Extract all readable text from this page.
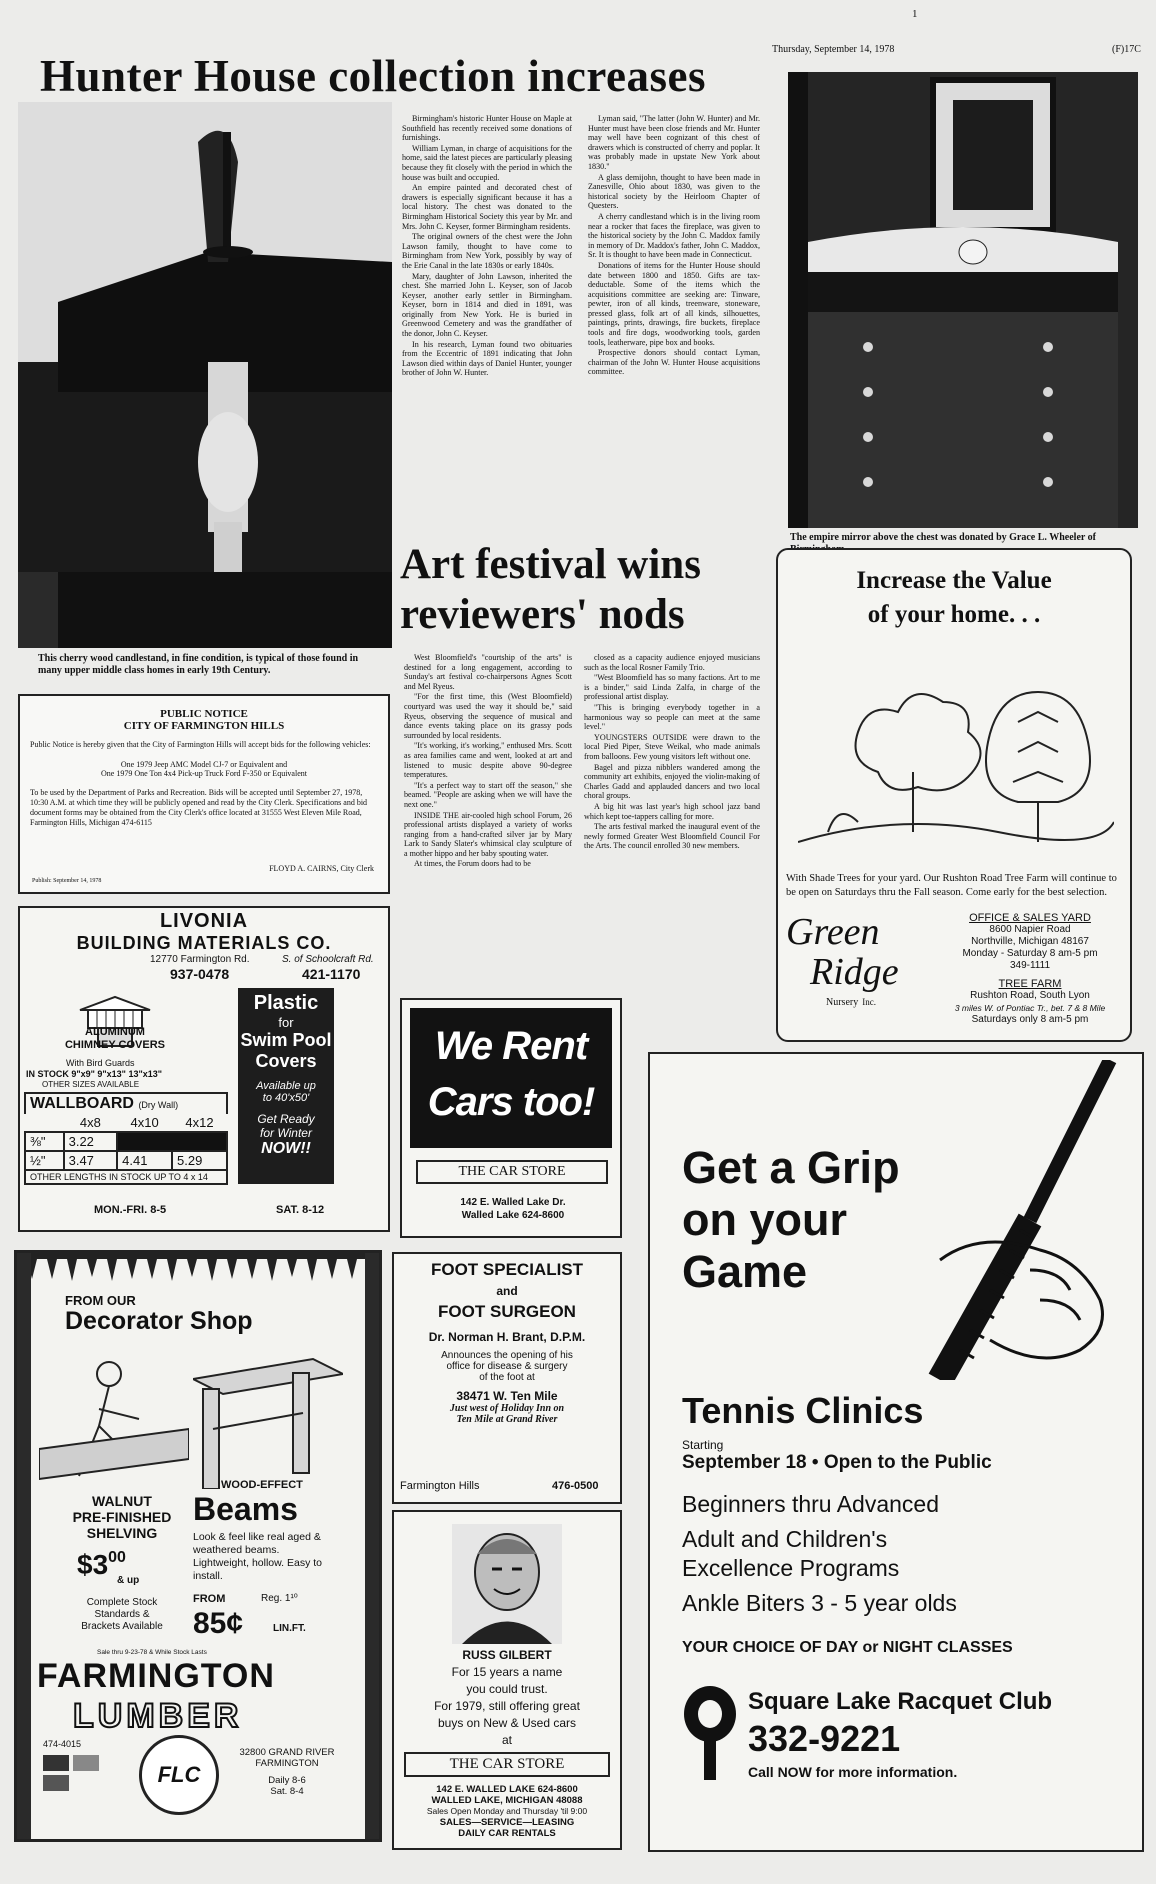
1
Thursday, September 14, 1978	(F)17C
Hunter House collection increases
This cherry wood candlestand, in fine condition, is typical of those found in many upper middle class homes in early 19th Century.

Birmingham's historic Hunter House on Maple at Southfield has recently received some donations of furnishings.

William Lyman, in charge of acquisitions for the home, said the latest pieces are particularly pleasing because they fit closely with the period in which the house was built and occupied.

An empire painted and decorated chest of drawers is especially significant because it has a local history. The chest was donated to the Birmingham Historical Society this year by Mr. and Mrs. John C. Keyser, former Birmingham residents.

The original owners of the chest were the John Lawson family, thought to have come to Birmingham from New York, possibly by way of the Erie Canal in the late 1830s or early 1840s.

Mary, daughter of John Lawson, inherited the chest. She married John L. Keyser, son of Jacob Keyser, another early settler in Birmingham. Keyser, born in 1814 and died in 1891, was originally from New York. He is buried in Greenwood Cemetery and was the grandfather of the donor, John C. Keyser.

In his research, Lyman found two obituaries from the Eccentric of 1891 indicating that John Lawson died within days of Daniel Hunter, younger brother of John W. Hunter.

Lyman said, "The latter (John W. Hunter) and Mr. Hunter must have been close friends and Mr. Hunter may well have been cognizant of this chest of drawers which is constructed of cherry and poplar. It was probably made in upstate New York about 1830."

A glass demijohn, thought to have been made in Zanesville, Ohio about 1830, was given to the historical society by the Heirloom Chapter of Questers.

A cherry candlestand which is in the living room near a rocker that faces the fireplace, was given to the historical society by the John C. Maddox family in memory of Dr. Maddox's father, John C. Maddox, Sr. It is thought to have been made in Connecticut.

Donations of items for the Hunter House should date between 1800 and 1850. Gifts are tax-deductable. Some of the items which the acquisitions committee are seeking are: Tinware, pewter, iron of all kinds, treenware, stoneware, pressed glass, folk art of all kinds, silhouettes, paintings, prints, drawings, fire buckets, fireplace tools and fire dogs, woodworking tools, garden tools, leatherware, pipe box and books.

Prospective donors should contact Lyman, chairman of the John W. Hunter House acquisitions committee.

The empire mirror above the chest was donated by Grace L. Wheeler of
PUBLIC NOTICE
CITY OF FARMINGTON HILLS
Public Notice is hereby given that the City of Farmington Hills will accept bids for the following vehicles:
One 1979 Jeep AMC Model CJ-7 or Equivalent and
One 1979 One Ton 4x4 Pick-up Truck Ford F-350 or Equivalent
To be used by the Department of Parks and Recreation. Bids will be accepted until September 27, 1978, 10:30 A.M. at which time they will be publicly opened and read by the City Clerk. Specifications and bid document forms may be obtained from the City Clerk's office located at 31555 West Eleven Mile Road, Farmington Hills, Michigan 474-6115
FLOYD A. CAIRNS, City Clerk
Publish: September 14, 1978
LIVONIA
BUILDING MATERIALS CO.
12770 Farmington Rd.	S. of Schoolcraft Rd.
937-0478	421-1170
ALUMINUM
CHIMNEY COVERS
With Bird Guards
IN STOCK 9"x9" 9"x13" 13"x13"
OTHER SIZES AVAILABLE
WALLBOARD (Dry Wall)
	4x8	4x10	4x12
⅜"	3.22		
½"	3.47	4.41	5.29
OTHER LENGTHS IN STOCK UP TO 4 x 14			
Plastic
for
Swim Pool
Covers
Available up
to 40'x50'
Get Ready
for Winter
NOW!!
MON.-FRI. 8-5	SAT. 8-12
Art festival wins
reviewers' nods

West Bloomfield's "courtship of the arts" is destined for a long engagement, according to Sunday's art festival co-chairpersons Agnes Scott and Mel Ryeus.

"For the first time, this (West Bloomfield) courtyard was used the way it should be," said Ryeus, observing the sequence of musical and dance events taking place on its grassy pods surrounded by local residents.

"It's working, it's working," enthused Mrs. Scott as area families came and went, looked at art and listened to music despite above 90-degree temperatures.

"It's a perfect way to start off the season," she beamed. "People are asking when we will have the next one."

INSIDE THE air-cooled high school Forum, 26 professional artists displayed a variety of works ranging from a hand-crafted silver jar by Mary Lark to Sandy Slater's whimsical clay sculpture of a mother hippo and her baby spouting water.

At times, the Forum doors had to be

closed as a capacity audience enjoyed musicians such as the local Rosner Family Trio.

"West Bloomfield has so many factions. Art to me is a binder," said Linda Zalfa, in charge of the professional artist display.

"This is bringing everybody together in a harmonious way so people can meet at the same level."

YOUNGSTERS OUTSIDE were drawn to the local Pied Piper, Steve Weikal, who made animals from balloons. Few young visitors left without one.

Bagel and pizza nibblers wandered among the community art exhibits, enjoyed the violin-making of Charles Gadd and applauded dancers and two local choral groups.

A big hit was last year's high school jazz band which kept toe-tappers calling for more.

The arts festival marked the inaugural event of the newly formed Greater West Bloomfield Council For the Arts. The council enrolled 30 new members.

Increase the Value
of your home. . .
With Shade Trees for your yard. Our Rushton Road Tree Farm will continue to be open on Saturdays thru the Fall season. Come early for the best selection.
Green
Ridge
Nursery Inc.
OFFICE & SALES YARD
8600 Napier Road
Northville, Michigan 48167
Monday - Saturday 8 am-5 pm
349-1111
TREE FARM
Rushton Road, South Lyon
3 miles W. of Pontiac Tr., bet. 7 & 8 Mile
Saturdays only 8 am-5 pm
We Rent
Cars too!
THE CAR STORE
142 E. Walled Lake Dr.
Walled Lake 624-8600
FOOT SPECIALIST
and
FOOT SURGEON
Dr. Norman H. Brant, D.P.M.
Announces the opening of his
office for disease & surgery
of the foot at
38471 W. Ten Mile
Just west of Holiday Inn on
Ten Mile at Grand River
Farmington Hills	476-0500
RUSS GILBERT
For 15 years a name
you could trust.
For 1979, still offering great
buys on New & Used cars
at
THE CAR STORE
142 E. WALLED LAKE 624-8600
WALLED LAKE, MICHIGAN 48088
Sales Open Monday and Thursday 'til 9:00
SALES—SERVICE—LEASING
DAILY CAR RENTALS
FROM OUR
Decorator Shop
WALNUT
PRE-FINISHED
SHELVING
$300
& up
Complete Stock
Standards &
Brackets Available
WOOD-EFFECT
Beams
Look & feel like real aged & weathered beams. Lightweight, hollow. Easy to install.
FROM	Reg. 1¹⁰
85¢	LIN.FT.
Sale thru 9-23-78 & While Stock Lasts
FARMINGTON
LUMBER
474-4015
FLC
32800 GRAND RIVER
FARMINGTON
Daily 8-6
Sat. 8-4
Get a Grip
on your
Game
Tennis Clinics
Starting
September 18 • Open to the Public
Beginners thru Advanced
Adult and Children's
Excellence Programs
Ankle Biters 3 - 5 year olds
YOUR CHOICE OF DAY or NIGHT CLASSES
Square Lake Racquet Club
332-9221
Call NOW for more information.
